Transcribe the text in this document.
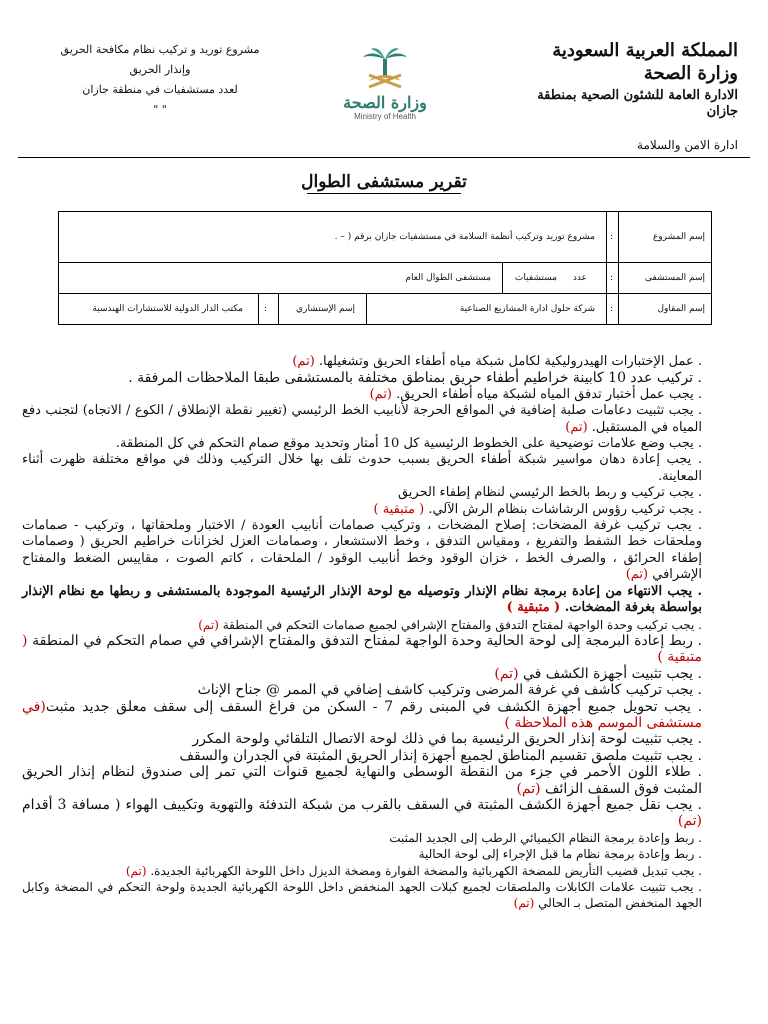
المملكة العربية السعودية
وزارة الصحة
الادارة العامة للشئون الصحية بمنطقة جازان
ادارة الامن والسلامة
وزارة الصحة
Ministry of Health
مشروع توريد و تركيب نظام مكافحة الحريق
وإنذار الحريق
لعدد مستشفيات في منطقة جازان
" "
تقرير مستشفى الطوال
إسم المشروع
:
مشروع توريد وتركيب أنظمة السلامة في مستشفيات جازان برقم ( – .
إسم المستشفى
:
عدد
مستشفيات
مستشفى الطوال العام
إسم المقاول
:
شركة حلول ادارة المشاريع الصناعية
إسم الإستشاري
:
مكتب الدار الدولية للاستشارات الهندسية

. عمل الإختبارات الهيدروليكية لكامل شبكة مياه أطفاء الحريق وتشغيلها. (تم)

. تركيب عدد 10 كابينة خراطيم أطفاء حريق بمناطق مختلفة بالمستشفى طبقا الملاحظات المرفقة .

. يجب عمل أختبار تدفق المياه لشبكة مياه أطفاء الحريق. (تم)

. يجب تثبيت دعامات صلبة إضافية في المواقع الحرجة لأنابيب الخط الرئيسي (تغيير نقطة الإنطلاق / الكوع / الاتجاه) لتجنب دفع المياه في المستقبل. (تم)

. يجب وضع علامات توضيحية على الخطوط الرئيسية كل 10 أمتار وتحديد موقع صمام التحكم في كل المنطقة.

. يجب إعادة دهان مواسير شبكة أطفاء الحريق بسبب حدوث تلف بها خلال التركيب وذلك في مواقع مختلفة ظهرت أثناء المعاينة.

. يجب تركيب و ربط بالخط الرئيسي لنظام إطفاء الحريق

. يجب تركيب رؤوس الرشاشات بنظام الرش الآلي. ( متبقية )

. يجب تركيب غرفة المضخات: إصلاح المضخات ، وتركيب صمامات أنابيب العودة / الاختبار وملحقاتها ، وتركيب - صمامات وملحقات خط الشفط والتفريغ ، ومقياس التدفق ، وخط الاستشعار ، وصمامات العزل لخزانات خراطيم الحريق ( وصمامات إطفاء الحرائق ، والصرف الخط ، خزان الوقود وخط أنابيب الوقود / الملحقات ، كاتم الصوت ، مقاييس الضغط والمفتاح الإشرافي (تم)

. يجب الانتهاء من إعادة برمجة نظام الإنذار وتوصيله مع لوحة الإنذار الرئيسية الموجودة بالمستشفى و ربطها مع نظام الإنذار بواسطة بغرفة المضخات. ( متبقية )

. يجب تركيب وحدة الواجهة لمفتاح التدفق والمفتاح الإشرافي لجميع صمامات التحكم في المنطقة (تم)

. ربط إعادة البرمجة إلى لوحة الحالية وحدة الواجهة لمفتاح التدفق والمفتاح الإشرافي في صمام التحكم في المنطقة ( متبقية )

. يجب تثبيت أجهزة الكشف في (تم)

. يجب تركيب كاشف في غرفة المرضى وتركيب كاشف إضافي في الممر @ جناح الإناث

. يجب تحويل جميع أجهزة الكشف في المبنى رقم 7 - السكن من فراغ السقف إلى سقف معلق جديد مثبت(في مستشفى الموسم هذه الملاحظة )

. يجب تثبيت لوحة إنذار الحريق الرئيسية بما في ذلك لوحة الاتصال التلقائي ولوحة المكرر

. يجب تثبيت ملصق تقسيم المناطق لجميع أجهزة إنذار الحريق المثبتة في الجدران والسقف

. طلاء اللون الأحمر في جزء من النقطة الوسطى والنهاية لجميع قنوات التي تمر إلى صندوق لنظام إنذار الحريق المثبت فوق السقف الزائف (تم)

. يجب نقل جميع أجهزة الكشف المثبتة في السقف بالقرب من شبكة التدفئة والتهوية وتكييف الهواء ( مسافة 3 أقدام (تم)

. ربط وإعادة برمجة النظام الكيميائي الرطب إلى الجديد المثبت

. ربط وإعادة برمجة نظام ما قبل الإجراء إلى لوحة الحالية

. يجب تبديل قضيب التأريض للمضخة الكهربائية والمضخة الفوارة ومضخة الديزل داخل اللوحة الكهربائية الجديدة. (تم)

. يجب تثبيت علامات الكابلات والملصقات لجميع كبلات الجهد المنخفض داخل اللوحة الكهربائية الجديدة ولوحة التحكم في المضخة وكابل الجهد المنخفض المتصل بـ الحالي (تم)
